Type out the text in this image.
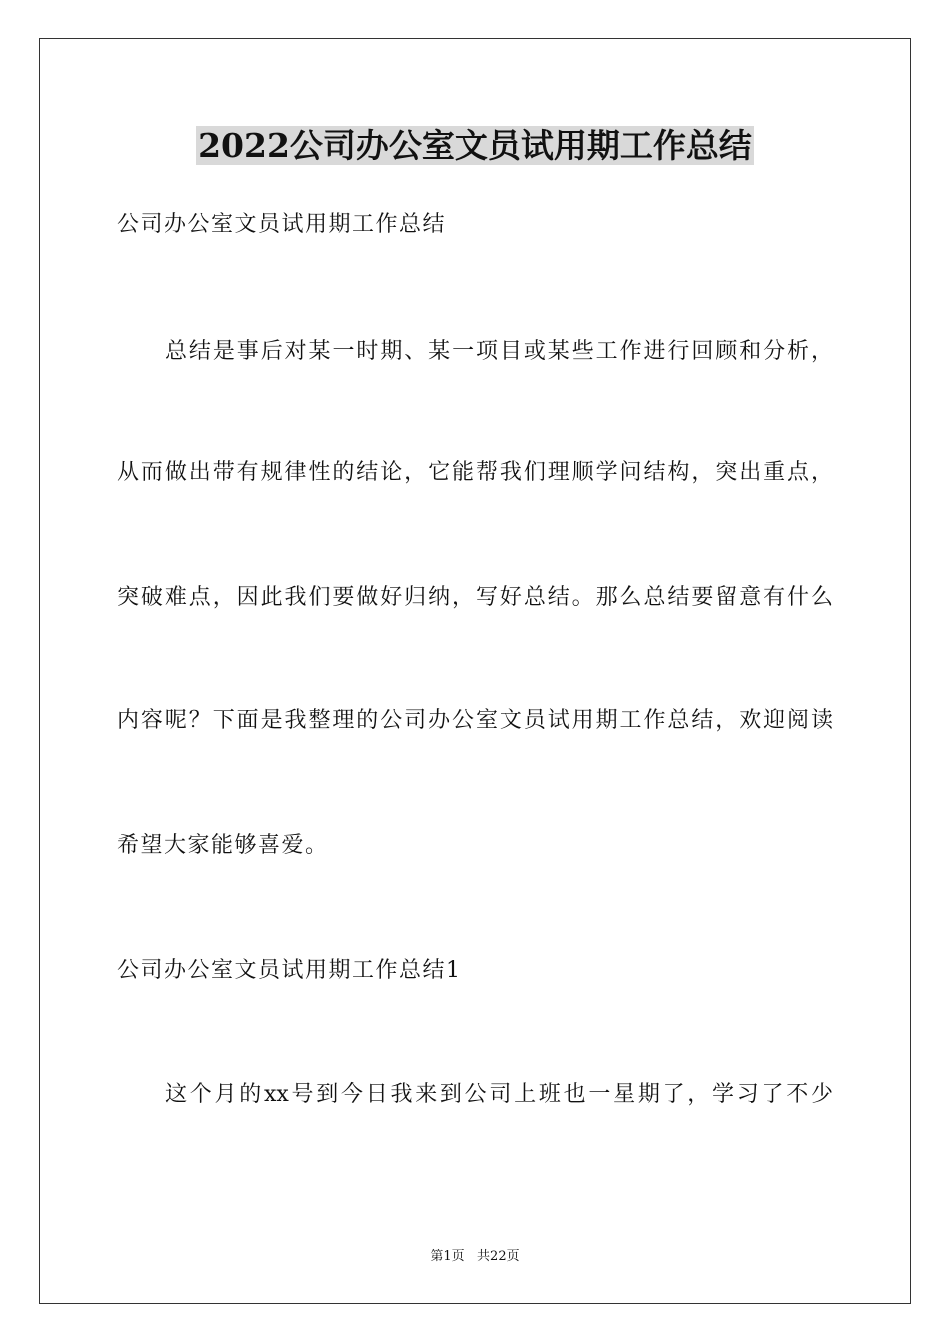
2022公司办公室文员试用期工作总结
公司办公室文员试用期工作总结
总结是事后对某一时期、某一项目或某些工作进行回顾和分析，
从而做出带有规律性的结论，它能帮我们理顺学问结构，突出重点，
突破难点，因此我们要做好归纳，写好总结。那么总结要留意有什么
内容呢？下面是我整理的公司办公室文员试用期工作总结，欢迎阅读
希望大家能够喜爱。
公司办公室文员试用期工作总结1
这个月的xx号到今日我来到公司上班也一星期了，学习了不少
第1页   共22页
